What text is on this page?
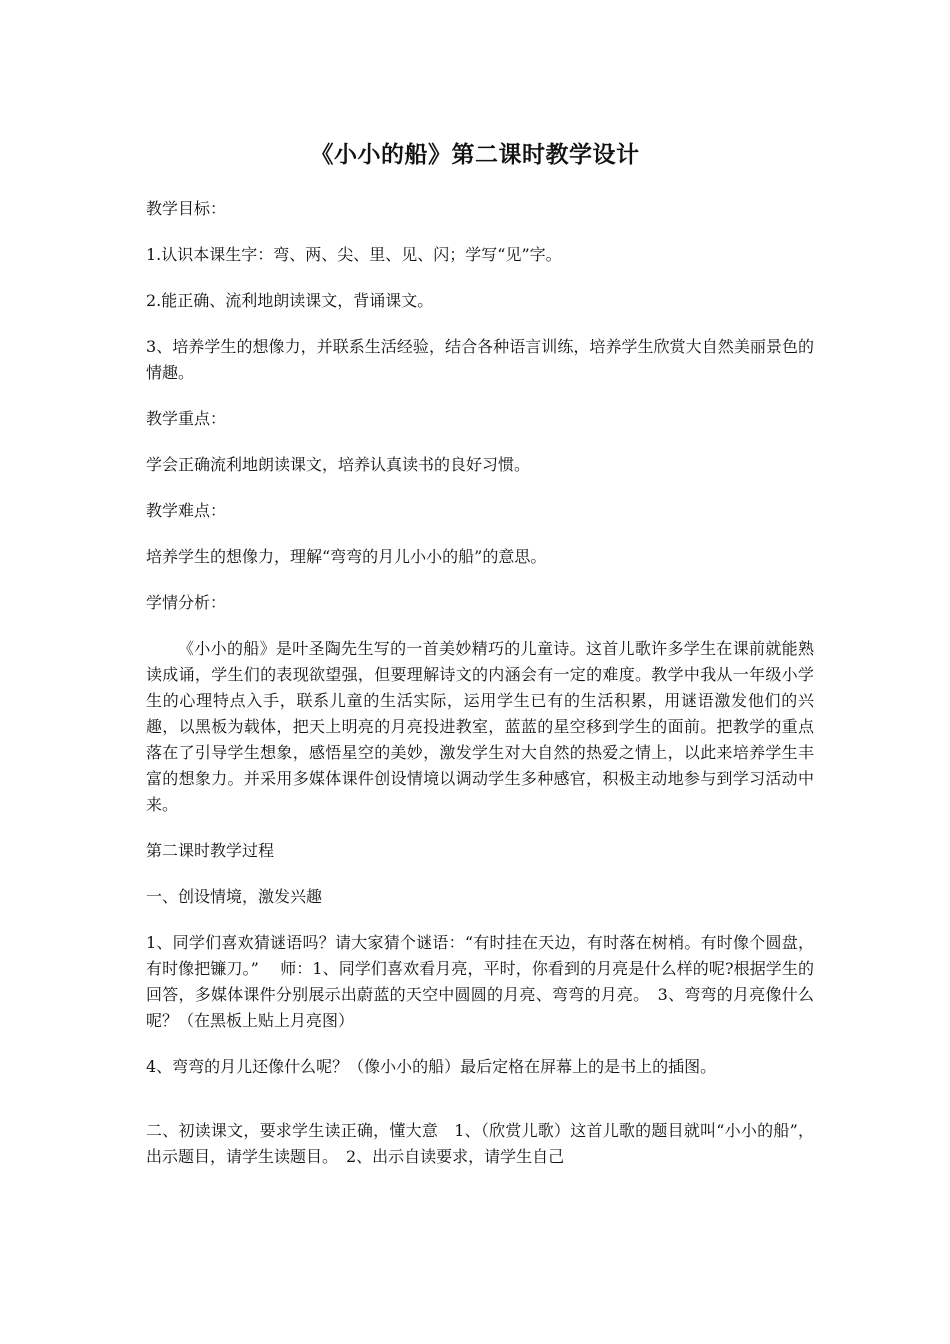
《小小的船》第二课时教学设计

教学目标：

1.认识本课生字：弯、两、尖、里、见、闪；学写“见”字。

2.能正确、流利地朗读课文，背诵课文。

3、培养学生的想像力，并联系生活经验，结合各种语言训练，培养学生欣赏大自然美丽景色的情趣。

教学重点：

学会正确流利地朗读课文，培养认真读书的良好习惯。

教学难点：

培养学生的想像力，理解“弯弯的月儿小小的船”的意思。

学情分析：

《小小的船》是叶圣陶先生写的一首美妙精巧的儿童诗。这首儿歌许多学生在课前就能熟读成诵，学生们的表现欲望强，但要理解诗文的内涵会有一定的难度。教学中我从一年级小学生的心理特点入手，联系儿童的生活实际，运用学生已有的生活积累，用谜语激发他们的兴趣，以黑板为载体，把天上明亮的月亮投进教室，蓝蓝的星空移到学生的面前。把教学的重点落在了引导学生想象，感悟星空的美妙，激发学生对大自然的热爱之情上，以此来培养学生丰富的想象力。并采用多媒体课件创设情境以调动学生多种感官，积极主动地参与到学习活动中来。

第二课时教学过程

一、创设情境，激发兴趣

1、同学们喜欢猜谜语吗？请大家猜个谜语：“有时挂在天边，有时落在树梢。有时像个圆盘，有时像把镰刀。”　 师：1、同学们喜欢看月亮，平时，你看到的月亮是什么样的呢?根据学生的回答，多媒体课件分别展示出蔚蓝的天空中圆圆的月亮、弯弯的月亮。　3、弯弯的月亮像什么呢？（在黑板上贴上月亮图）

4、弯弯的月儿还像什么呢？（像小小的船）最后定格在屏幕上的是书上的插图。

二、初读课文，要求学生读正确，懂大意　1、（欣赏儿歌）这首儿歌的题目就叫“小小的船”，出示题目，请学生读题目。　2、出示自读要求，请学生自己
